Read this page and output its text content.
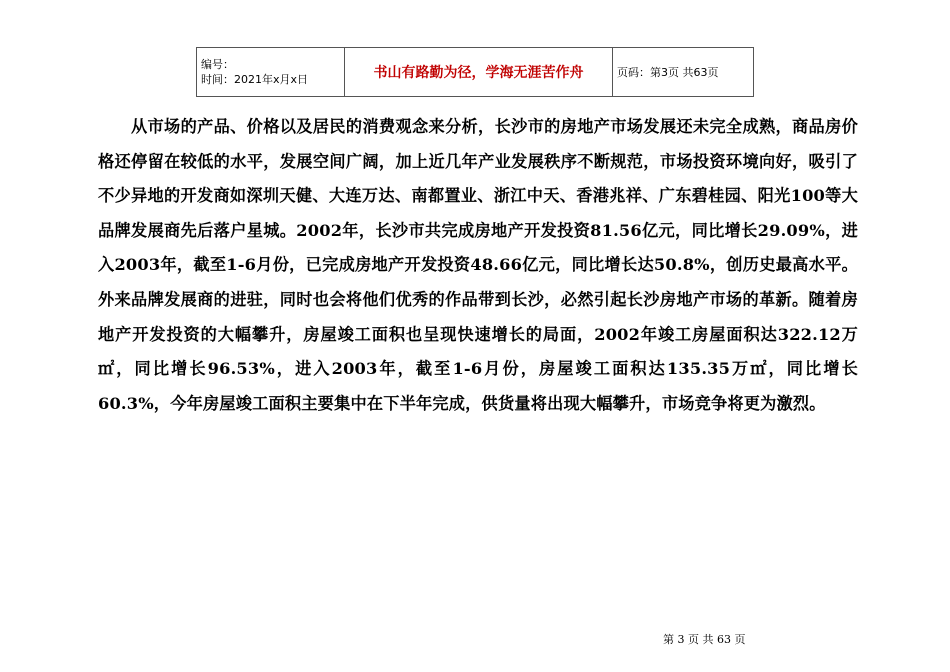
编号：
时间：2021年x月x日	书山有路勤为径，学海无涯苦作舟	页码：第3页 共63页

从市场的产品、价格以及居民的消费观念来分析，长沙市的房地产市场发展还未完全成熟，商品房价格还停留在较低的水平，发展空间广阔，加上近几年产业发展秩序不断规范，市场投资环境向好，吸引了不少异地的开发商如深圳天健、大连万达、南都置业、浙江中天、香港兆祥、广东碧桂园、阳光100等大品牌发展商先后落户星城。2002年，长沙市共完成房地产开发投资81.56亿元，同比增长29.09%，进入2003年，截至1-6月份，已完成房地产开发投资48.66亿元，同比增长达50.8%，创历史最高水平。外来品牌发展商的进驻，同时也会将他们优秀的作品带到长沙，必然引起长沙房地产市场的革新。随着房地产开发投资的大幅攀升，房屋竣工面积也呈现快速增长的局面，2002年竣工房屋面积达322.12万㎡，同比增长96.53%，进入2003年，截至1-6月份，房屋竣工面积达135.35万㎡，同比增长60.3%，今年房屋竣工面积主要集中在下半年完成，供货量将出现大幅攀升，市场竞争将更为激烈。

第 3 页 共 63 页
